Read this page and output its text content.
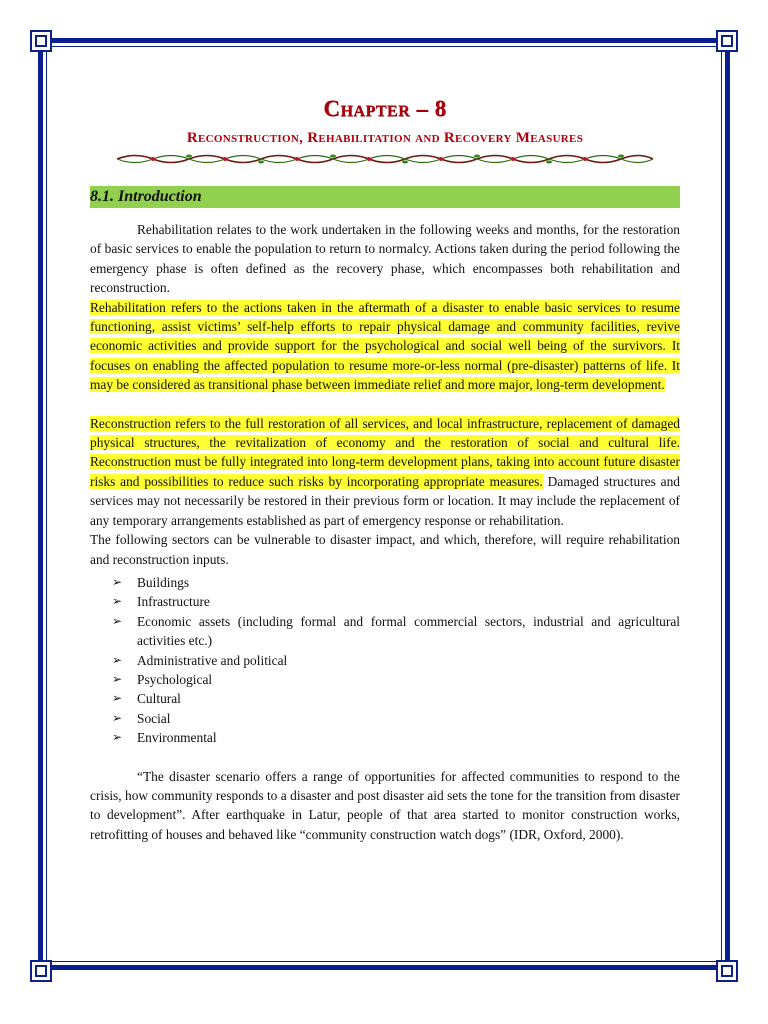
Chapter – 8
Reconstruction, Rehabilitation and Recovery Measures
8.1. Introduction

Rehabilitation relates to the work undertaken in the following weeks and months, for the restoration of basic services to enable the population to return to normalcy. Actions taken during the period following the emergency phase is often defined as the recovery phase, which encompasses both rehabilitation and reconstruction.

Rehabilitation refers to the actions taken in the aftermath of a disaster to enable basic services to resume functioning, assist victims’ self-help efforts to repair physical damage and community facilities, revive economic activities and provide support for the psychological and social well being of the survivors. It focuses on enabling the affected population to resume more-or-less normal (pre-disaster) patterns of life. It may be considered as transitional phase between immediate relief and more major, long-term development.

Reconstruction refers to the full restoration of all services, and local infrastructure, replacement of damaged physical structures, the revitalization of economy and the restoration of social and cultural life. Reconstruction must be fully integrated into long-term development plans, taking into account future disaster risks and possibilities to reduce such risks by incorporating appropriate measures. Damaged structures and services may not necessarily be restored in their previous form or location. It may include the replacement of any temporary arrangements established as part of emergency response or rehabilitation.

The following sectors can be vulnerable to disaster impact, and which, therefore, will require rehabilitation and reconstruction inputs.

➢ Buildings
➢ Infrastructure
➢ Economic assets (including formal and formal commercial sectors, industrial and agricultural activities etc.)
➢ Administrative and political
➢ Psychological
➢ Cultural
➢ Social
➢ Environmental

“The disaster scenario offers a range of opportunities for affected communities to respond to the crisis, how community responds to a disaster and post disaster aid sets the tone for the transition from disaster to development”. After earthquake in Latur, people of that area started to monitor construction works, retrofitting of houses and behaved like “community construction watch dogs” (IDR, Oxford, 2000).
